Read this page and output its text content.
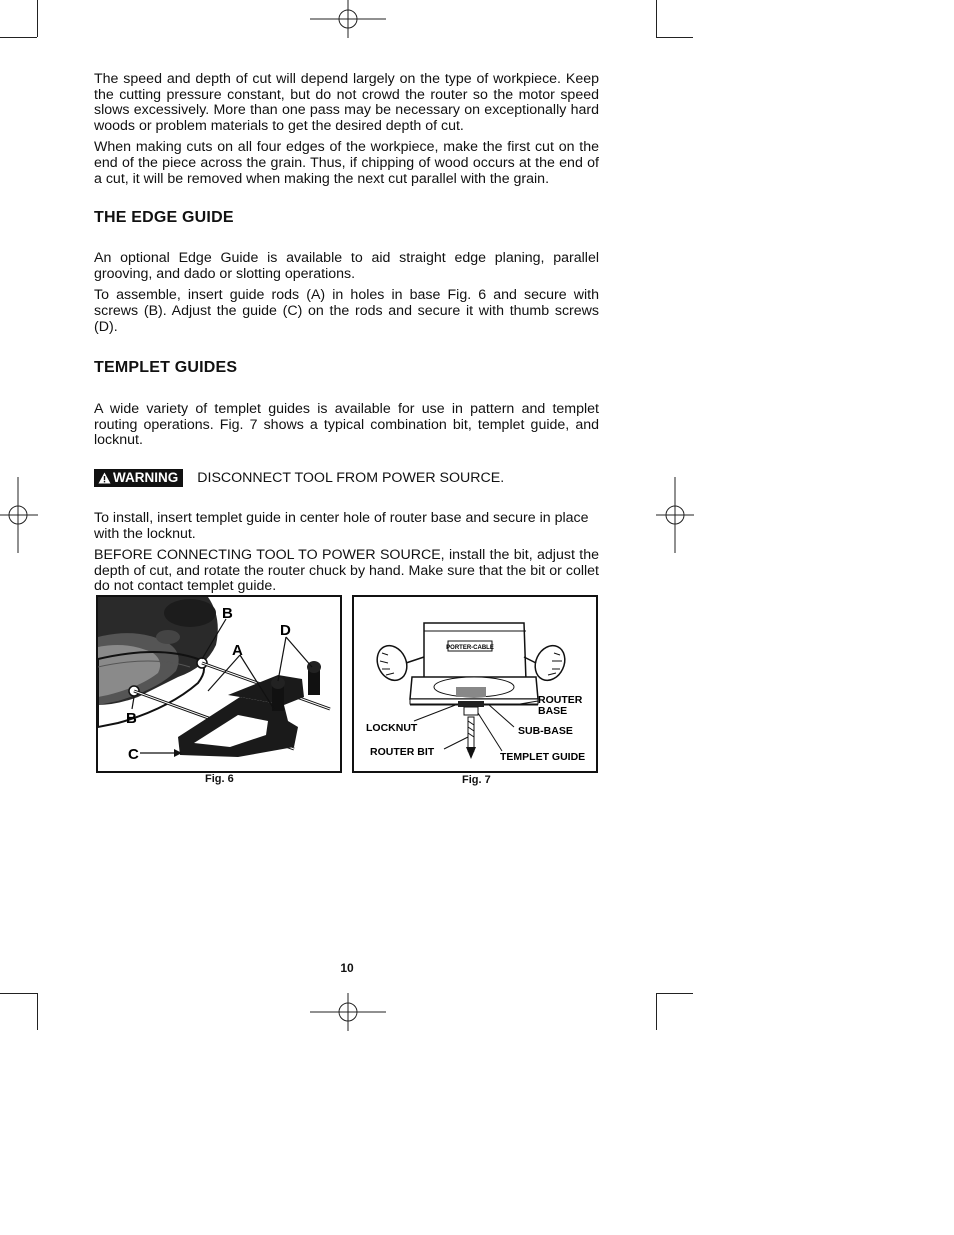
The speed and depth of cut will depend largely on the type of workpiece. Keep the cutting pressure constant, but do not crowd the router so the motor speed slows excessively. More than one pass may be necessary on exceptionally hard woods or problem materials to get the desired depth of cut.

When making cuts on all four edges of the workpiece, make the first cut on the end of the piece across the grain. Thus, if chipping of wood occurs at the end of a cut, it will be removed when making the next cut parallel with the grain.

THE EDGE GUIDE

An optional Edge Guide is available to aid straight edge planing, parallel grooving, and dado or slotting operations.

To assemble, insert guide rods (A) in holes in base Fig. 6 and secure with screws (B). Adjust the guide (C) on the rods and secure it with thumb screws (D).

TEMPLET GUIDES

A wide variety of templet guides is available for use in pattern and templet routing operations. Fig. 7 shows a typical combination bit, templet guide, and locknut.

WARNING DISCONNECT TOOL FROM POWER SOURCE.

To install, insert templet guide in center hole of router base and secure in place with the locknut.

BEFORE CONNECTING TOOL TO POWER SOURCE, install the bit, adjust the depth of cut, and rotate the router chuck by hand. Make sure that the bit or collet do not contact templet guide.

B
D
A
B
C
Fig. 6
PORTER-CABLE
ROUTER
BASE
LOCKNUT	SUB-BASE
ROUTER BIT	TEMPLET GUIDE
Fig. 7
10
